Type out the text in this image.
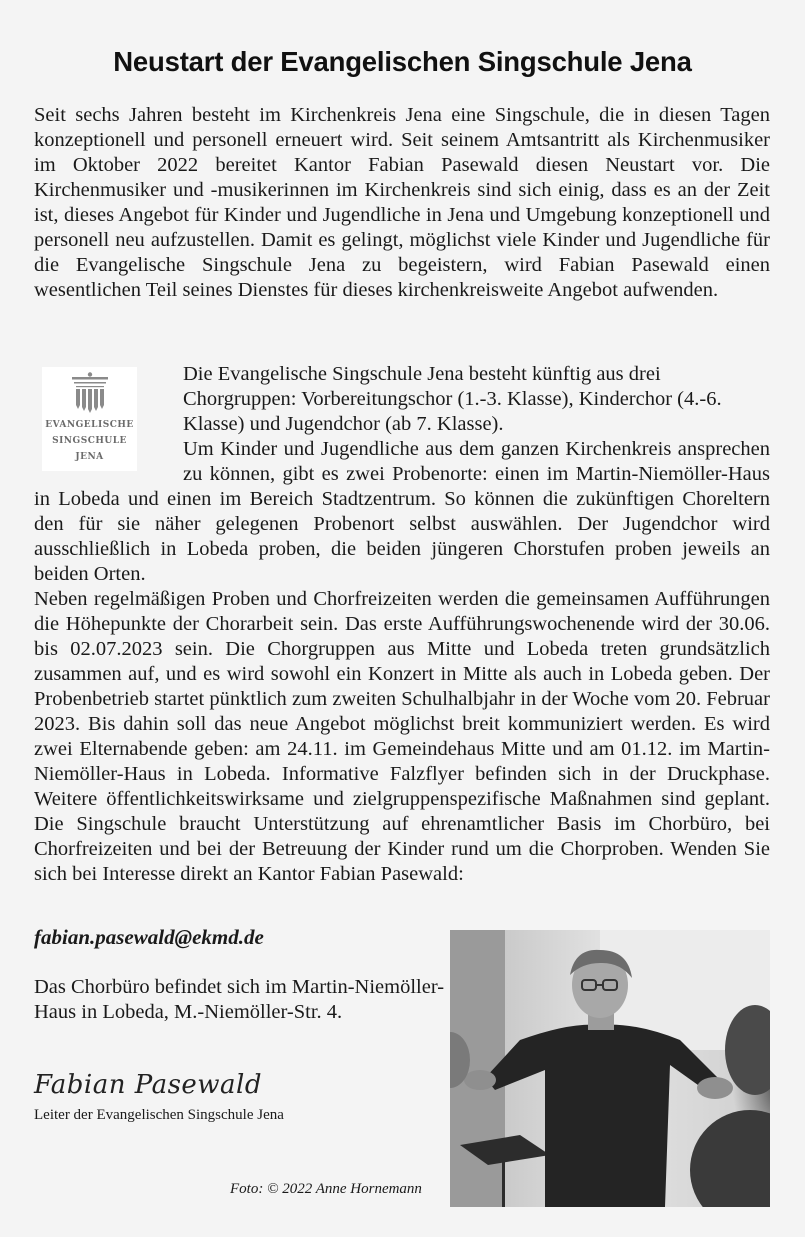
Neustart der Evangelischen Singschule Jena

Seit sechs Jahren besteht im Kirchenkreis Jena eine Singschule, die in diesen Tagen konzeptionell und personell erneuert wird. Seit seinem Amtsantritt als Kirchenmusiker im Oktober 2022 bereitet Kantor Fabian Pasewald diesen Neustart vor. Die Kirchenmusiker und -musikerinnen im Kirchenkreis sind sich einig, dass es an der Zeit ist, dieses Angebot für Kinder und Jugendliche in Jena und Umgebung konzeptionell und personell neu aufzustellen. Damit es gelingt, möglichst viele Kinder und Jugendliche für die Evangelische Singschule Jena zu begeistern, wird Fabian Pasewald einen wesentlichen Teil seines Dienstes für dieses kirchenkreisweite Angebot aufwenden.

EVANGELISCHE
SINGSCHULE
JENA

Die Evangelische Singschule Jena besteht künftig aus drei Chorgruppen: Vorbereitungschor (1.-3. Klasse), Kinderchor (4.-6. Klasse) und Jugendchor (ab 7. Klasse).

Um Kinder und Jugendliche aus dem ganzen Kirchenkreis ansprechen zu können, gibt es zwei Probenorte: einen im Martin-Niemöller-Haus in Lobeda und einen im Bereich Stadtzentrum. So können die zukünftigen Choreltern den für sie näher gelegenen Probenort selbst auswählen. Der Jugendchor wird ausschließlich in Lobeda proben, die beiden jüngeren Chorstufen proben jeweils an beiden Orten.

Neben regelmäßigen Proben und Chorfreizeiten werden die gemeinsamen Aufführungen die Höhepunkte der Chorarbeit sein. Das erste Aufführungswochenende wird der 30.06. bis 02.07.2023 sein. Die Chorgruppen aus Mitte und Lobeda treten grundsätzlich zusammen auf, und es wird sowohl ein Konzert in Mitte als auch in Lobeda geben. Der Probenbetrieb startet pünktlich zum zweiten Schulhalbjahr in der Woche vom 20. Februar 2023. Bis dahin soll das neue Angebot möglichst breit kommuniziert werden. Es wird zwei Elternabende geben: am 24.11. im Gemeindehaus Mitte und am 01.12. im Martin-Niemöller-Haus in Lobeda. Informative Falzflyer befinden sich in der Druckphase. Weitere öffentlichkeitswirksame und zielgruppenspezifische Maßnahmen sind geplant. Die Singschule braucht Unterstützung auf ehrenamtlicher Basis im Chorbüro, bei Chorfreizeiten und bei der Betreuung der Kinder rund um die Chorproben. Wenden Sie sich bei Interesse direkt an Kantor Fabian Pasewald:

fabian.pasewald@ekmd.de
Das Chorbüro befindet sich im Martin-Niemöller-Haus in Lobeda, M.-Niemöller-Str. 4.
Fabian Pasewald
Leiter der Evangelischen Singschule Jena
Foto: © 2022 Anne Hornemann
